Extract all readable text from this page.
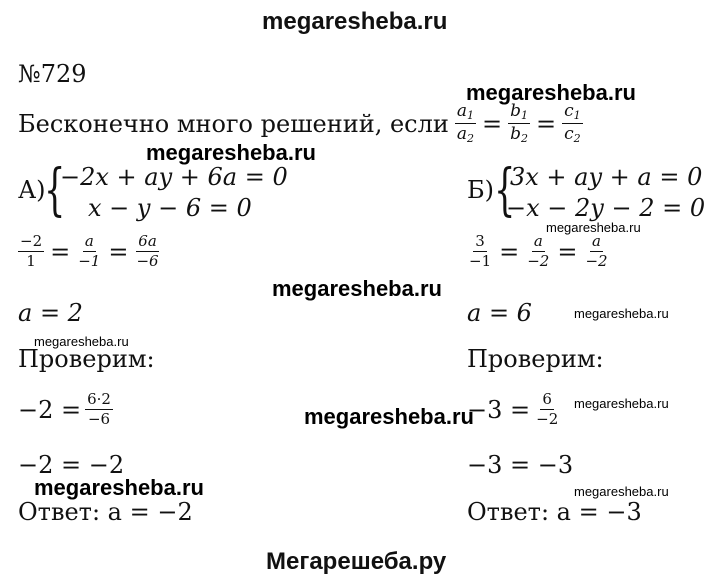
megaresheba.ru
№729
megaresheba.ru
Бесконечно много решений, если $\frac{a_1}{a_2} = \frac{b_1}{b_2} = \frac{c_1}{c_2}$
megaresheba.ru
А)
{
−2x + ay + 6a = 0
x − y − 6 = 0
Б) {
3x + ay + a = 0
−x − 2y − 2 = 0
megaresheba.ru
$\frac{-2}{1} = \frac{a}{-1} = \frac{6a}{-6}$	$\frac{3}{-1} = \frac{a}{-2} = \frac{a}{-2}$
megaresheba.ru
a = 2	a = 6	megaresheba.ru
megaresheba.ru
Проверим:	Проверим:
$-2 = \frac{6\cdot 2}{-6}$	megaresheba.ru
$-3 = \frac{6}{-2}$ megaresheba.ru
−2 = −2	−3 = −3
megaresheba.ru	megaresheba.ru
Ответ: a = −2	Ответ: a = −3
Мегарешеба.ру
